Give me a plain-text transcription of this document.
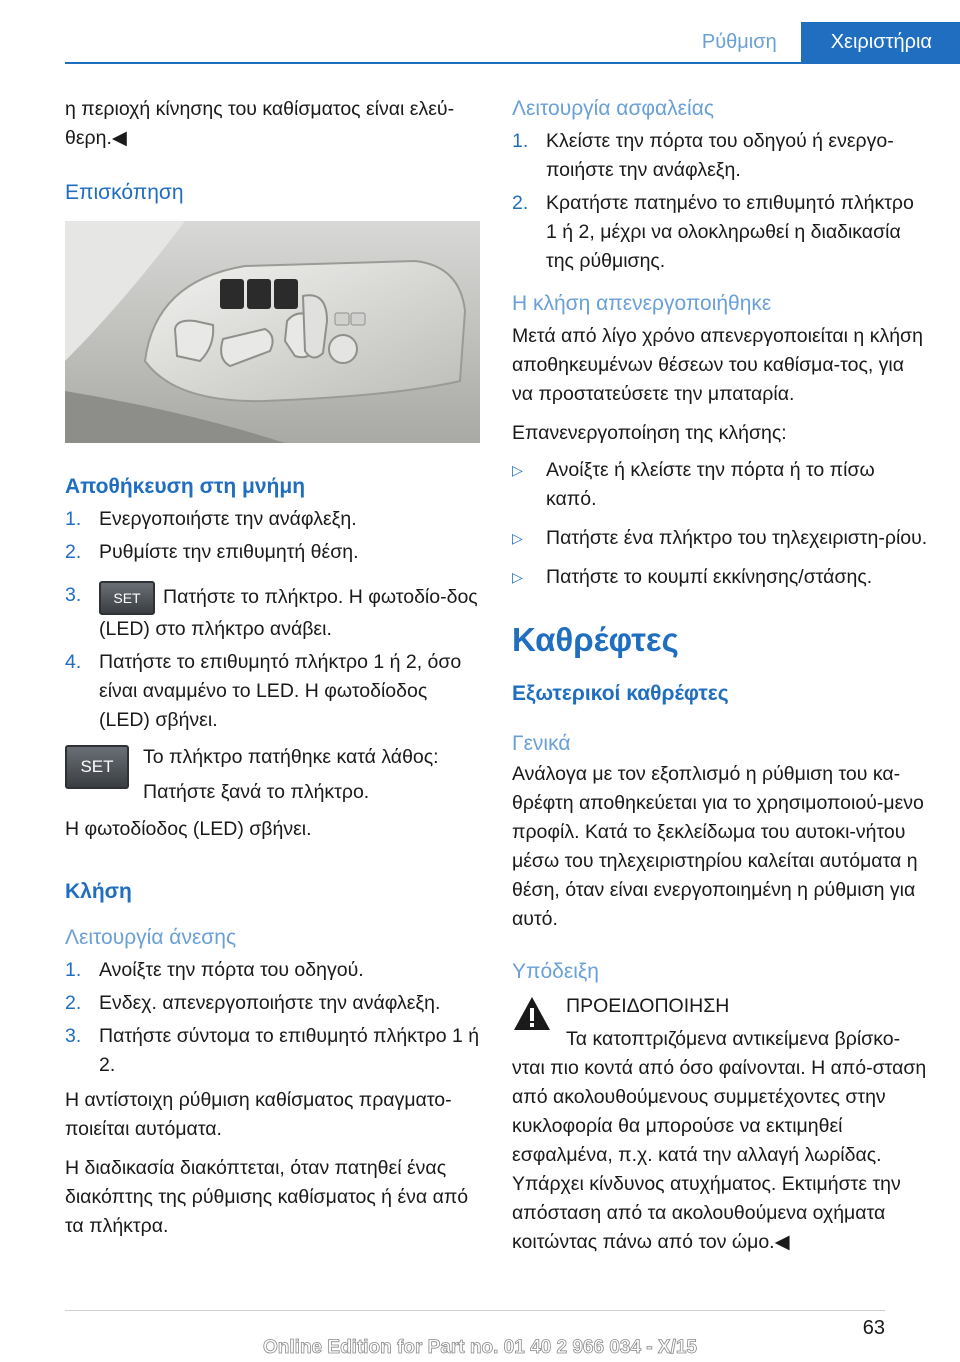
Ρύθμιση	Χειριστήρια

η περιοχή κίνησης του καθίσματος είναι ελεύ-θερη.◀

Επισκόπηση
Αποθήκευση στη μνήμη
1. Ενεργοποιήστε την ανάφλεξη.
2. Ρυθμίστε την επιθυμητή θέση.
3.	SET Πατήστε το πλήκτρο. Η φωτοδίο-δος (LED) στο πλήκτρο ανάβει.
4. Πατήστε το επιθυμητό πλήκτρο 1 ή 2, όσο είναι αναμμένο το LED. Η φωτοδίοδος (LED) σβήνει.
SET	Το πλήκτρο πατήθηκε κατά λάθος:

Πατήστε ξανά το πλήκτρο.

Η φωτοδίοδος (LED) σβήνει.

Κλήση
Λειτουργία άνεσης
1. Ανοίξτε την πόρτα του οδηγού.
2. Ενδεχ. απενεργοποιήστε την ανάφλεξη.
3. Πατήστε σύντομα το επιθυμητό πλήκτρο 1 ή 2.

Η αντίστοιχη ρύθμιση καθίσματος πραγματο-ποιείται αυτόματα.

Η διαδικασία διακόπτεται, όταν πατηθεί ένας διακόπτης της ρύθμισης καθίσματος ή ένα από τα πλήκτρα.

Λειτουργία ασφαλείας
1. Κλείστε την πόρτα του οδηγού ή ενεργο-ποιήστε την ανάφλεξη.
2. Κρατήστε πατημένο το επιθυμητό πλήκτρο 1 ή 2, μέχρι να ολοκληρωθεί η διαδικασία της ρύθμισης.
Η κλήση απενεργοποιήθηκε

Μετά από λίγο χρόνο απενεργοποιείται η κλήση αποθηκευμένων θέσεων του καθίσμα-τος, για να προστατεύσετε την μπαταρία.

Επανενεργοποίηση της κλήσης:

▷	Ανοίξτε ή κλείστε την πόρτα ή το πίσω καπό.
▷	Πατήστε ένα πλήκτρο του τηλεχειριστη-ρίου.
▷	Πατήστε το κουμπί εκκίνησης/στάσης.
Καθρέφτες
Εξωτερικοί καθρέφτες
Γενικά

Ανάλογα με τον εξοπλισμό η ρύθμιση του κα-θρέφτη αποθηκεύεται για το χρησιμοποιού-μενο προφίλ. Κατά το ξεκλείδωμα του αυτοκι-νήτου μέσω του τηλεχειριστηρίου καλείται αυτόματα η θέση, όταν είναι ενεργοποιημένη η ρύθμιση για αυτό.

Υπόδειξη

ΠΡΟΕΙΔΟΠΟΙΗΣΗ

Τα κατοπτριζόμενα αντικείμενα βρίσκο-νται πιο κοντά από όσο φαίνονται. Η από-σταση από ακολουθούμενους συμμετέχοντες στην κυκλοφορία θα μπορούσε να εκτιμηθεί εσφαλμένα, π.χ. κατά την αλλαγή λωρίδας. Υπάρχει κίνδυνος ατυχήματος. Εκτιμήστε την απόσταση από τα ακολουθούμενα οχήματα κοιτώντας πάνω από τον ώμο.◀

63
Online Edition for Part no. 01 40 2 966 034 - X/15
